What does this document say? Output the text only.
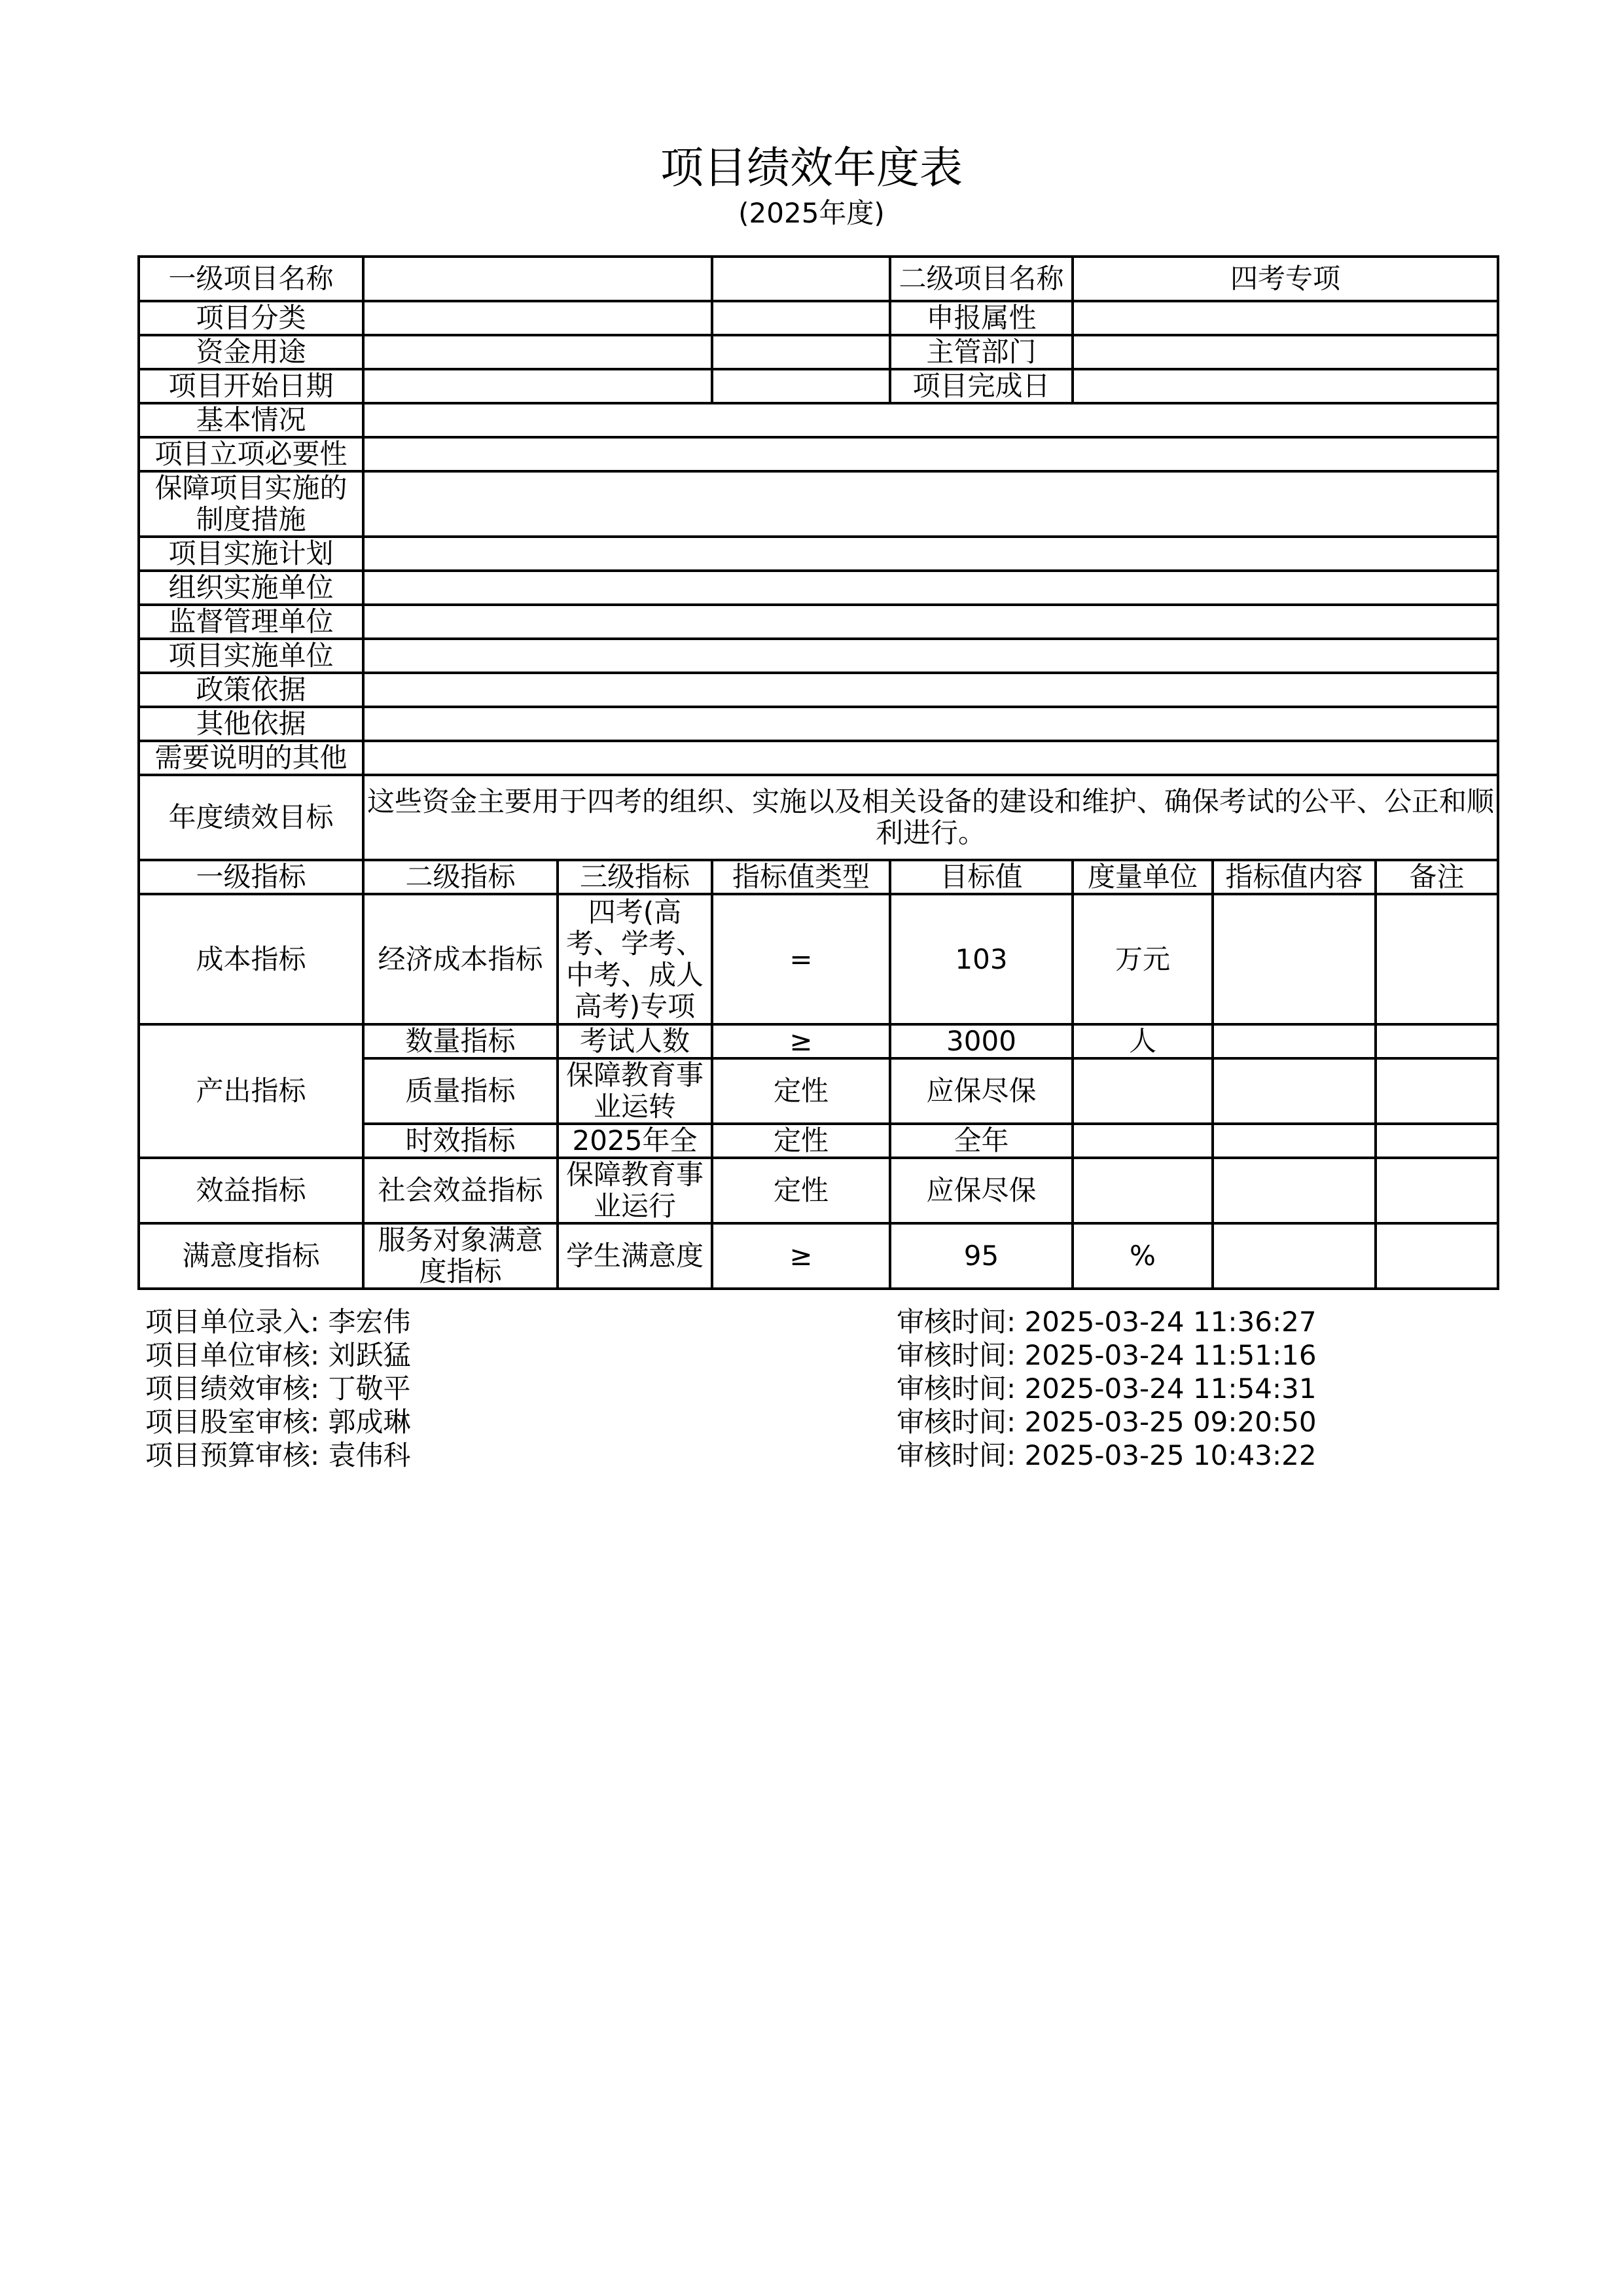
项目绩效年度表
(2025年度)
一级项目名称				二级项目名称	四考专项		
项目分类				申报属性			
资金用途				主管部门			
项目开始日期				项目完成日			
基本情况							
项目立项必要性							
保障项目实施的制度措施							
项目实施计划							
组织实施单位							
监督管理单位							
项目实施单位							
政策依据							
其他依据							
需要说明的其他							
年度绩效目标	这些资金主要用于四考的组织、实施以及相关设备的建设和维护、确保考试的公平、公正和顺利进行。						
一级指标	二级指标	三级指标	指标值类型	目标值	度量单位	指标值内容	备注
成本指标	经济成本指标	四考(高考、学考、中考、成人高考)专项	=	103	万元		
产出指标	数量指标	考试人数	≥	3000	人		
	质量指标	保障教育事业运转	定性	应保尽保			
	时效指标	2025年全	定性	全年			
效益指标	社会效益指标	保障教育事业运行	定性	应保尽保			
满意度指标	服务对象满意度指标	学生满意度	≥	95	%		
项目单位录入: 李宏伟	审核时间: 2025-03-24 11:36:27
项目单位审核: 刘跃猛	审核时间: 2025-03-24 11:51:16
项目绩效审核: 丁敬平	审核时间: 2025-03-24 11:54:31
项目股室审核: 郭成琳	审核时间: 2025-03-25 09:20:50
项目预算审核: 袁伟科	审核时间: 2025-03-25 10:43:22
